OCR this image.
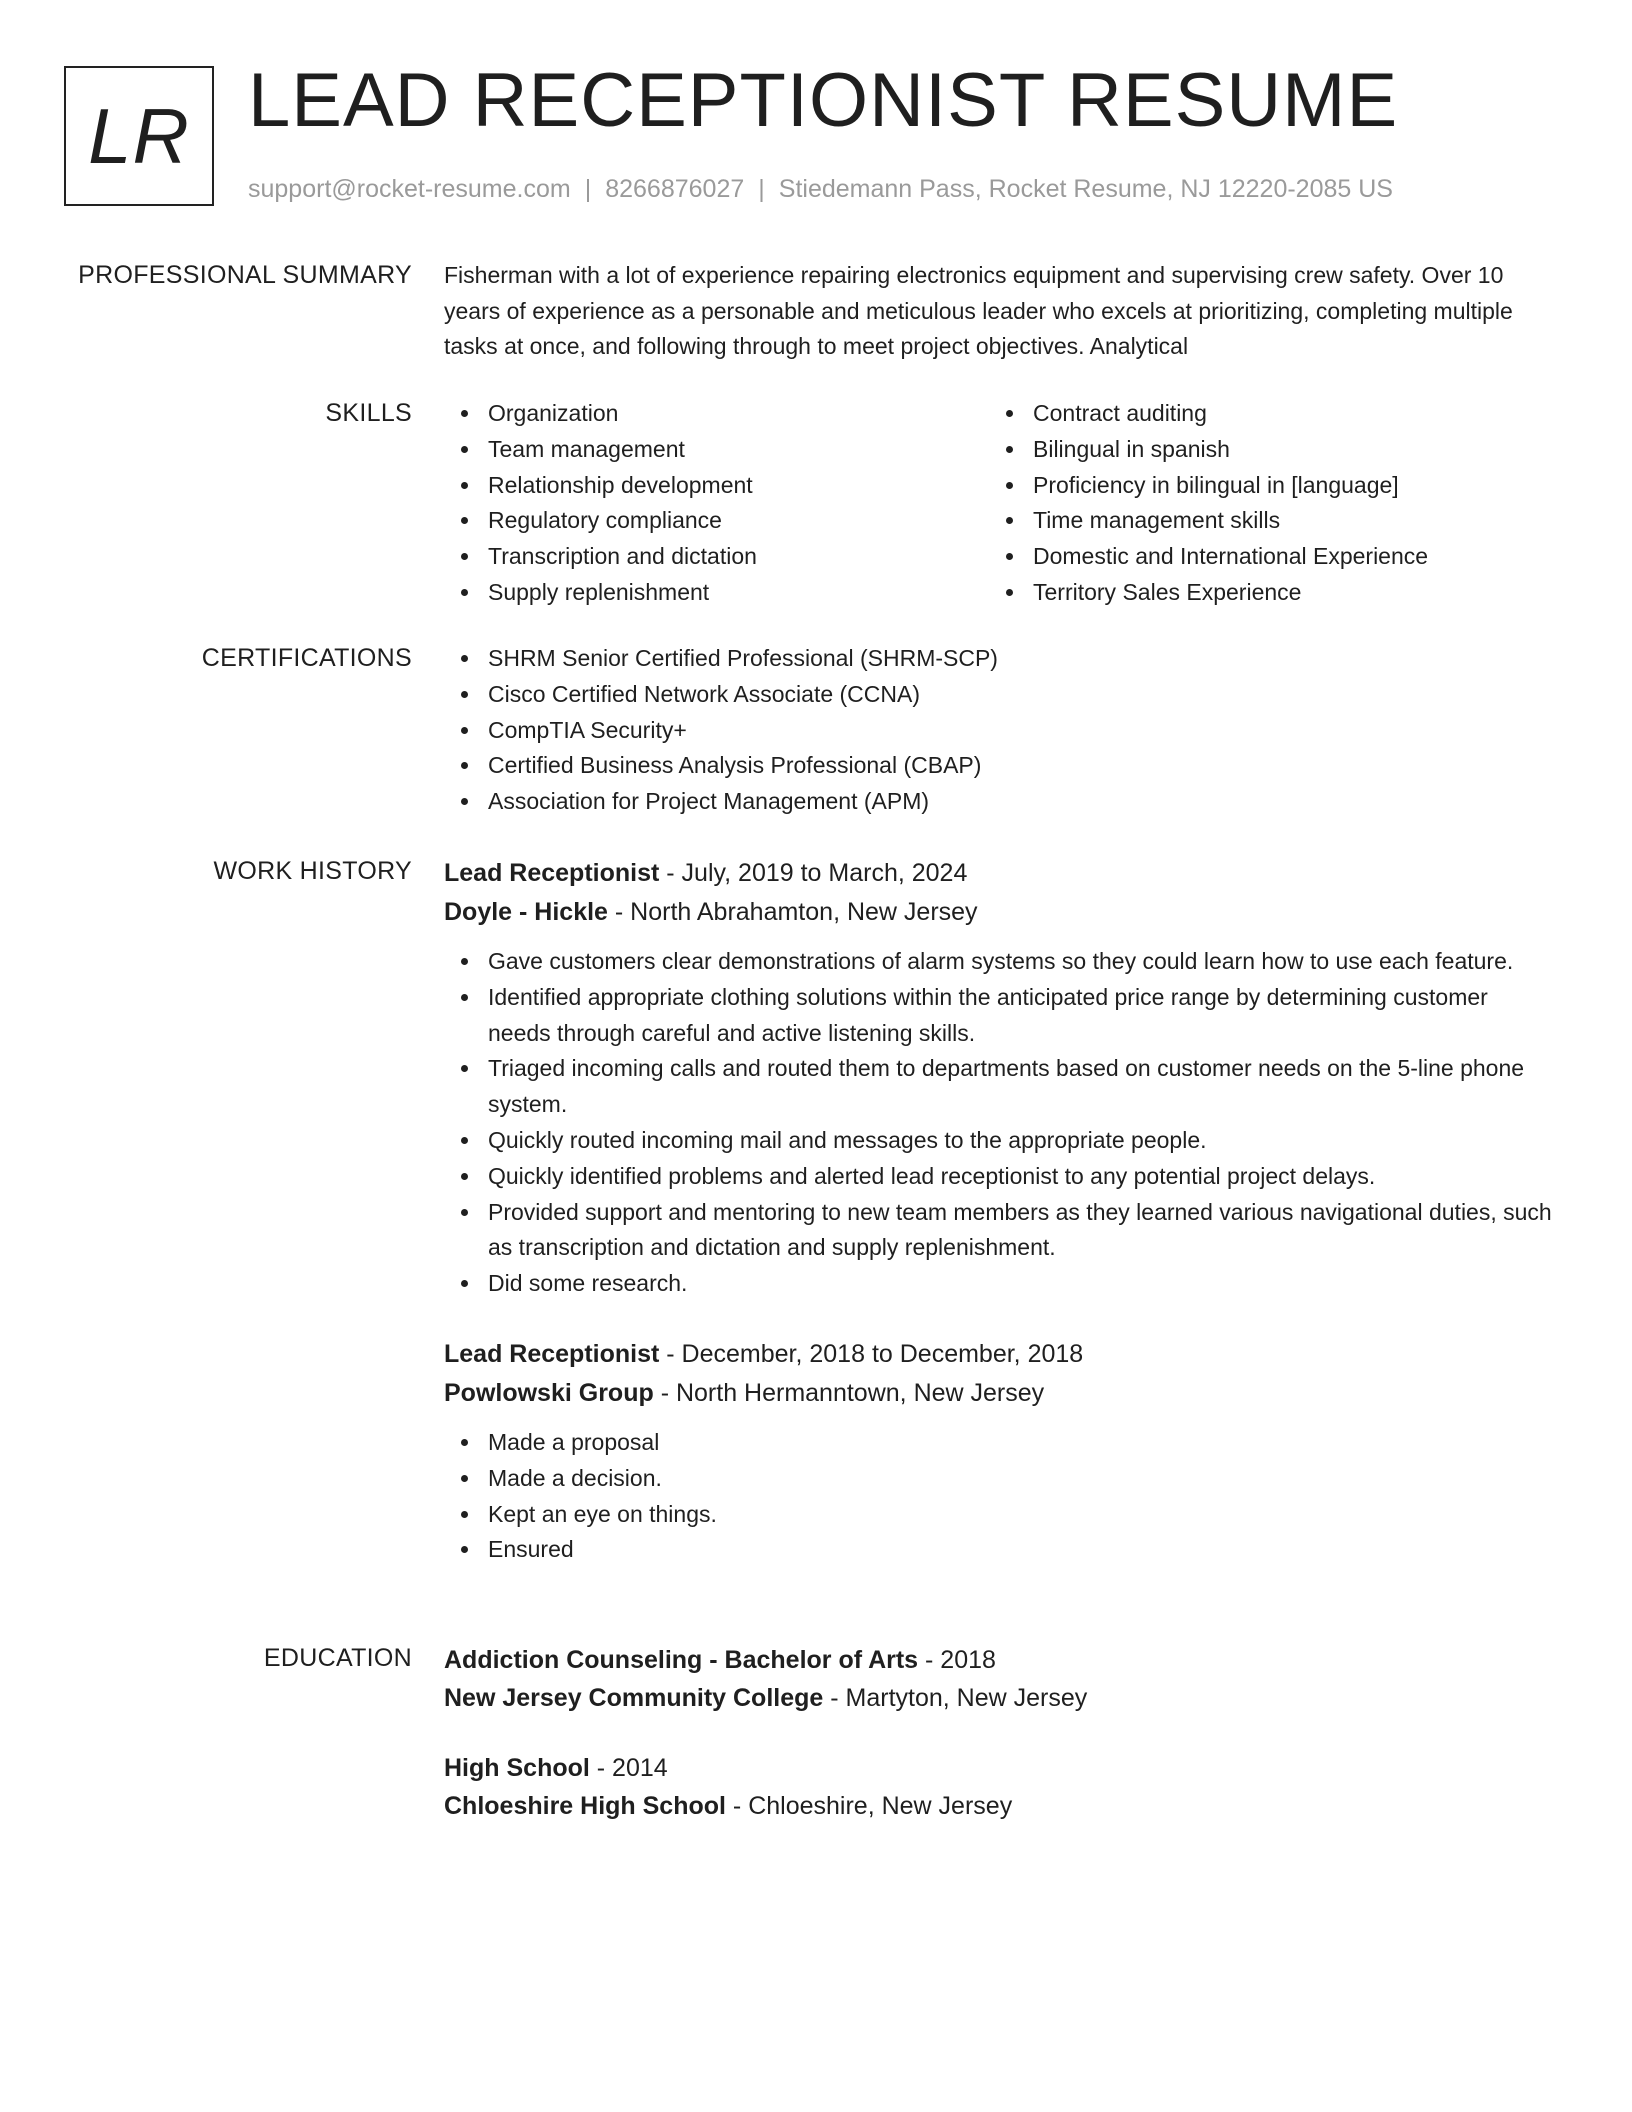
LR LEAD RECEPTIONIST RESUME
support@rocket-resume.com | 8266876027 | Stiedemann Pass, Rocket Resume, NJ 12220-2085 US
PROFESSIONAL SUMMARY Fisherman with a lot of experience repairing electronics equipment and supervising crew safety. Over 10 years of experience as a personable and meticulous leader who excels at prioritizing, completing multiple tasks at once, and following through to meet project objectives. Analytical

SKILLS	Organization
Team management
Relationship development
Regulatory compliance
Transcription and dictation
Supply replenishment
Contract auditing
Bilingual in spanish
Proficiency in bilingual in [language]
Time management skills
Domestic and International Experience
Territory Sales Experience
CERTIFICATIONS	SHRM Senior Certified Professional (SHRM-SCP)
Cisco Certified Network Associate (CCNA)
CompTIA Security+
Certified Business Analysis Professional (CBAP)
Association for Project Management (APM)
WORK HISTORY Lead Receptionist - July, 2019 to March, 2024
Doyle - Hickle - North Abrahamton, New Jersey
Gave customers clear demonstrations of alarm systems so they could learn how to use each feature.
Identified appropriate clothing solutions within the anticipated price range by determining customer needs through careful and active listening skills.
Triaged incoming calls and routed them to departments based on customer needs on the 5-line phone system.
Quickly routed incoming mail and messages to the appropriate people.
Quickly identified problems and alerted lead receptionist to any potential project delays.
Provided support and mentoring to new team members as they learned various navigational duties, such as transcription and dictation and supply replenishment.
Did some research.
Lead Receptionist - December, 2018 to December, 2018
Powlowski Group - North Hermanntown, New Jersey
Made a proposal
Made a decision.
Kept an eye on things.
Ensured
EDUCATION Addiction Counseling - Bachelor of Arts - 2018
New Jersey Community College - Martyton, New Jersey
High School - 2014
Chloeshire High School - Chloeshire, New Jersey
